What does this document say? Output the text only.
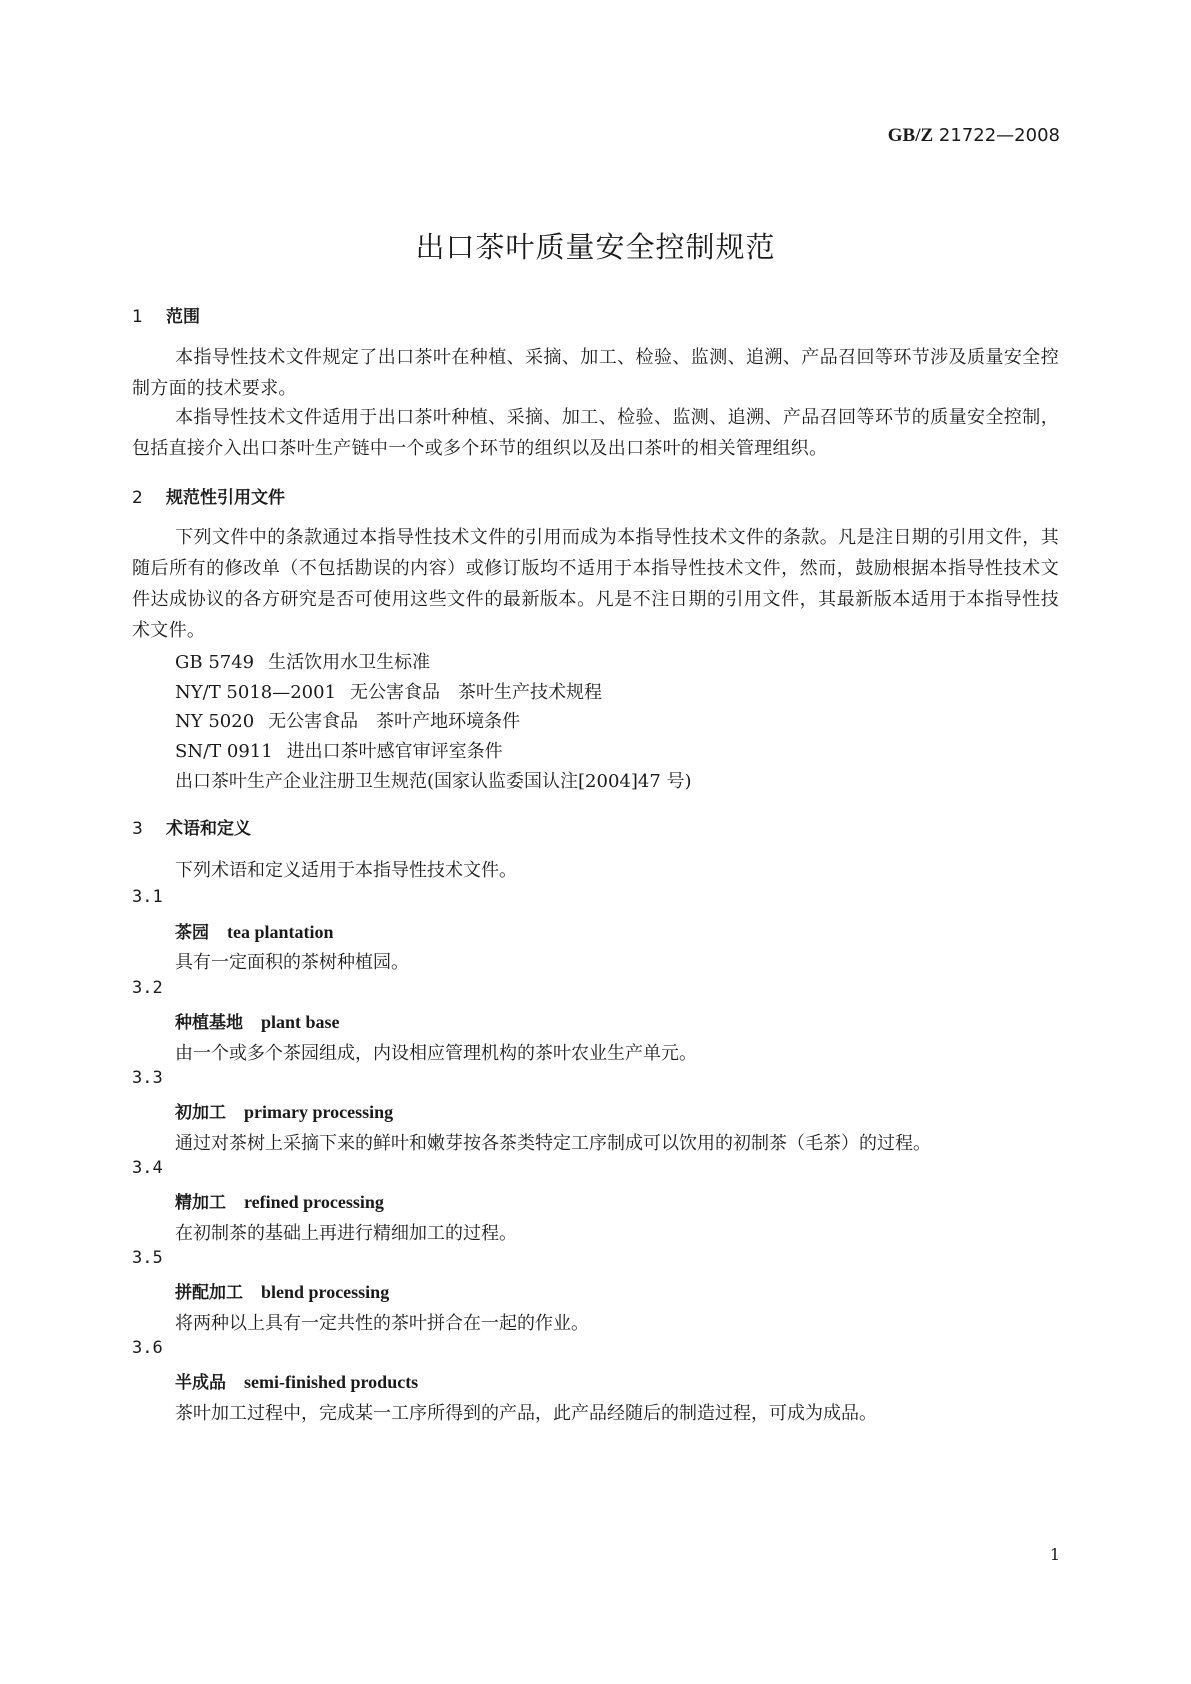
GB/Z 21722—2008
出口茶叶质量安全控制规范
1 范围
本指导性技术文件规定了出口茶叶在种植、采摘、加工、检验、监测、追溯、产品召回等环节涉及质量安全控制方面的技术要求。
本指导性技术文件适用于出口茶叶种植、采摘、加工、检验、监测、追溯、产品召回等环节的质量安全控制，包括直接介入出口茶叶生产链中一个或多个环节的组织以及出口茶叶的相关管理组织。
2 规范性引用文件
下列文件中的条款通过本指导性技术文件的引用而成为本指导性技术文件的条款。凡是注日期的引用文件，其随后所有的修改单（不包括勘误的内容）或修订版均不适用于本指导性技术文件，然而，鼓励根据本指导性技术文件达成协议的各方研究是否可使用这些文件的最新版本。凡是不注日期的引用文件，其最新版本适用于本指导性技术文件。
GB 5749 生活饮用水卫生标准
NY/T 5018—2001 无公害食品　茶叶生产技术规程
NY 5020 无公害食品　茶叶产地环境条件
SN/T 0911 进出口茶叶感官审评室条件
出口茶叶生产企业注册卫生规范(国家认监委国认注[2004]47 号)
3 术语和定义
下列术语和定义适用于本指导性技术文件。
3.1
茶园 tea plantation
具有一定面积的茶树种植园。
3.2
种植基地 plant base
由一个或多个茶园组成，内设相应管理机构的茶叶农业生产单元。
3.3
初加工 primary processing
通过对茶树上采摘下来的鲜叶和嫩芽按各茶类特定工序制成可以饮用的初制茶（毛茶）的过程。
3.4
精加工 refined processing
在初制茶的基础上再进行精细加工的过程。
3.5
拼配加工 blend processing
将两种以上具有一定共性的茶叶拼合在一起的作业。
3.6
半成品 semi-finished products
茶叶加工过程中，完成某一工序所得到的产品，此产品经随后的制造过程，可成为成品。
1
